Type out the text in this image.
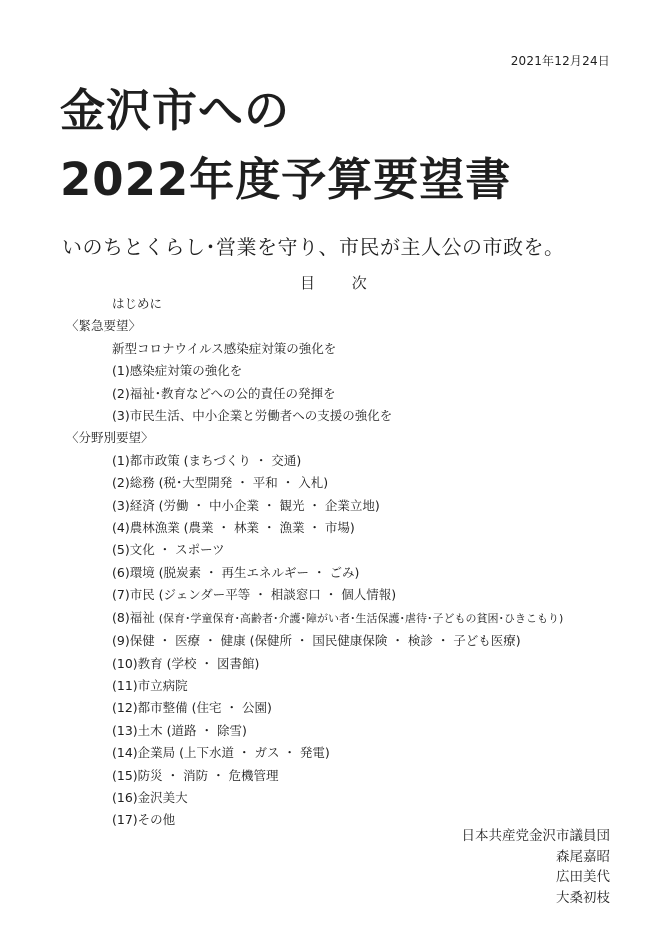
2021年12月24日
金沢市への
2022年度予算要望書
いのちとくらし･営業を守り、市民が主人公の市政を。
目 次
はじめに
〈緊急要望〉
新型コロナウイルス感染症対策の強化を
(1)感染症対策の強化を
(2)福祉･教育などへの公的責任の発揮を
(3)市民生活、中小企業と労働者への支援の強化を
〈分野別要望〉
(1)都市政策 (まちづくり ・ 交通)
(2)総務 (税･大型開発 ・ 平和 ・ 入札)
(3)経済 (労働 ・ 中小企業 ・ 観光 ・ 企業立地)
(4)農林漁業 (農業 ・ 林業 ・ 漁業 ・ 市場)
(5)文化 ・ スポーツ
(6)環境 (脱炭素 ・ 再生エネルギー ・ ごみ)
(7)市民 (ジェンダー平等 ・ 相談窓口 ・ 個人情報)
(8)福祉 (保育･学童保育･高齢者･介護･障がい者･生活保護･虐待･子どもの貧困･ひきこもり)
(9)保健 ・ 医療 ・ 健康 (保健所 ・ 国民健康保険 ・ 検診 ・ 子ども医療)
(10)教育 (学校 ・ 図書館)
(11)市立病院
(12)都市整備 (住宅 ・ 公園)
(13)土木 (道路 ・ 除雪)
(14)企業局 (上下水道 ・ ガス ・ 発電)
(15)防災 ・ 消防 ・ 危機管理
(16)金沢美大
(17)その他
日本共産党金沢市議員団
森尾嘉昭
広田美代
大桑初枝
